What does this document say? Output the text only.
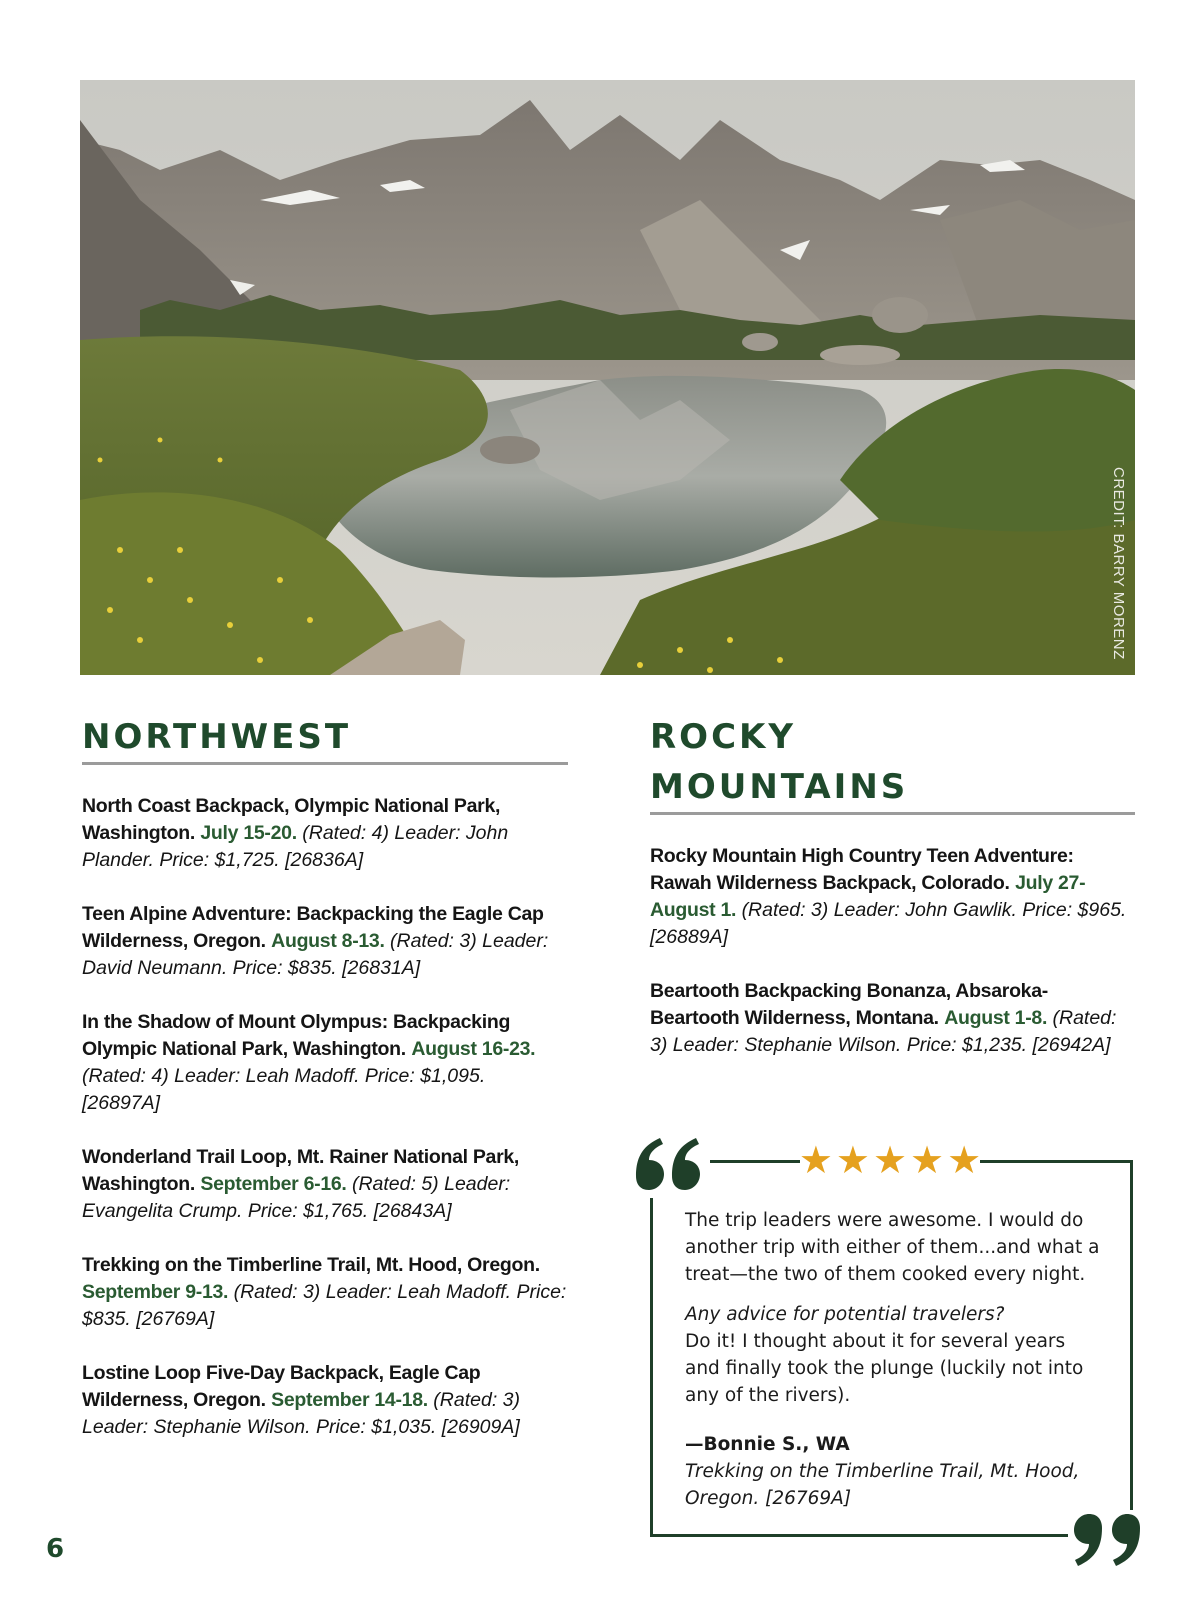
CREDIT: BARRY MORENZ
NORTHWEST

North Coast Backpack, Olympic National Park, Washington. July 15-20. (Rated: 4) Leader: John Plander. Price: $1,725. [26836A]

Teen Alpine Adventure: Backpacking the Eagle Cap Wilderness, Oregon. August 8-13. (Rated: 3) Leader: David Neumann. Price: $835. [26831A]

In the Shadow of Mount Olympus: Backpacking Olympic National Park, Washington. August 16-23. (Rated: 4) Leader: Leah Madoff. Price: $1,095. [26897A]

Wonderland Trail Loop, Mt. Rainer National Park, Washington. September 6-16. (Rated: 5) Leader: Evangelita Crump. Price: $1,765. [26843A]

Trekking on the Timberline Trail, Mt. Hood, Oregon. September 9-13. (Rated: 3) Leader: Leah Madoff. Price: $835. [26769A]

Lostine Loop Five-Day Backpack, Eagle Cap Wilderness, Oregon. September 14-18. (Rated: 3) Leader: Stephanie Wilson. Price: $1,035. [26909A]

ROCKY
MOUNTAINS

Rocky Mountain High Country Teen Adventure: Rawah Wilderness Backpack, Colorado. July 27-August 1. (Rated: 3) Leader: John Gawlik. Price: $965. [26889A]

Beartooth Backpacking Bonanza, Absaroka-Beartooth Wilderness, Montana. August 1-8. (Rated: 3) Leader: Stephanie Wilson. Price: $1,235. [26942A]

★ ★ ★ ★ ★

The trip leaders were awesome. I would do another trip with either of them...and what a treat—the two of them cooked every night.

Any advice for potential travelers?
Do it! I thought about it for several years and finally took the plunge (luckily not into any of the rivers).

—Bonnie S., WA
Trekking on the Timberline Trail, Mt. Hood, Oregon. [26769A]

6
